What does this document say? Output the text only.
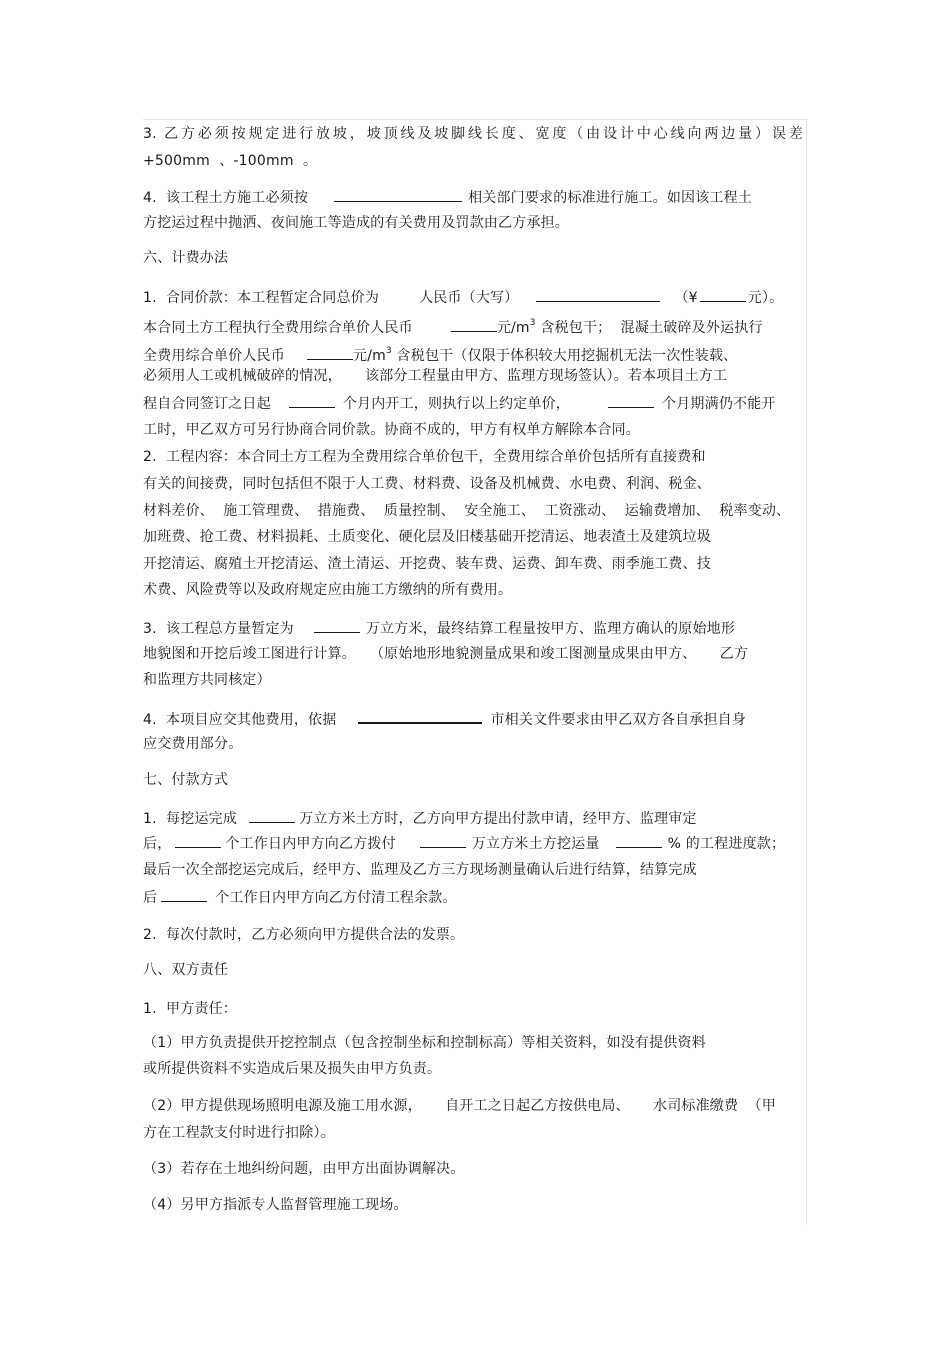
3. 乙方必须按规定进行放坡，坡顶线及坡脚线长度、宽度（由设计中心线向两边量）误差
+500mm  、-100mm  。
4.  该工程土方施工必须按	相关部门要求的标准进行施工。如因该工程土
方挖运过程中抛洒、夜间施工等造成的有关费用及罚款由乙方承担。
六、计费办法
1.  合同价款：本工程暂定合同总价为	人民币（大写）	（¥	元）。
本合同土方工程执行全费用综合单价人民币	元$/m^3$ 含税包干；  混凝土破碎及外运执行
全费用综合单价人民币	元$/m^3$ 含税包干（仅限于体积较大用挖掘机无法一次性装载、
必须用人工或机械破碎的情况，     该部分工程量由甲方、监理方现场签认）。若本项目土方工
程自合同签订之日起	个月内开工，则执行以上约定单价，	个月期满仍不能开
工时，甲乙双方可另行协商合同价款。协商不成的，甲方有权单方解除本合同。
2.  工程内容：本合同土方工程为全费用综合单价包干，全费用综合单价包括所有直接费和
有关的间接费，同时包括但不限于人工费、材料费、设备及机械费、水电费、利润、税金、
材料差价、  施工管理费、  措施费、  质量控制、  安全施工、  工资涨动、  运输费增加、  税率变动、
加班费、抢工费、材料损耗、土质变化、硬化层及旧楼基础开挖清运、地表渣土及建筑垃圾
开挖清运、腐殖土开挖清运、渣土清运、开挖费、装车费、运费、卸车费、雨季施工费、技
术费、风险费等以及政府规定应由施工方缴纳的所有费用。
3.  该工程总方量暂定为	万立方米，最终结算工程量按甲方、监理方确认的原始地形
地貌图和开挖后竣工图进行计算。   （原始地形地貌测量成果和竣工图测量成果由甲方、     乙方
和监理方共同核定）
4.  本项目应交其他费用，依据	市相关文件要求由甲乙双方各自承担自身
应交费用部分。
七、付款方式
1.  每挖运完成	万立方米土方时，乙方向甲方提出付款申请，经甲方、监理审定
后，	个工作日内甲方向乙方拨付	万立方米土方挖运量	% 的工程进度款；
最后一次全部挖运完成后，经甲方、监理及乙方三方现场测量确认后进行结算，结算完成
后	个工作日内甲方向乙方付清工程余款。
2.  每次付款时，乙方必须向甲方提供合法的发票。
八、双方责任
1.  甲方责任：
（1）甲方负责提供开挖控制点（包含控制坐标和控制标高）等相关资料，如没有提供资料
或所提供资料不实造成后果及损失由甲方负责。
（2）甲方提供现场照明电源及施工用水源，     自开工之日起乙方按供电局、     水司标准缴费  （甲
方在工程款支付时进行扣除）。
（3）若存在土地纠纷问题，由甲方出面协调解决。
（4）另甲方指派专人监督管理施工现场。
